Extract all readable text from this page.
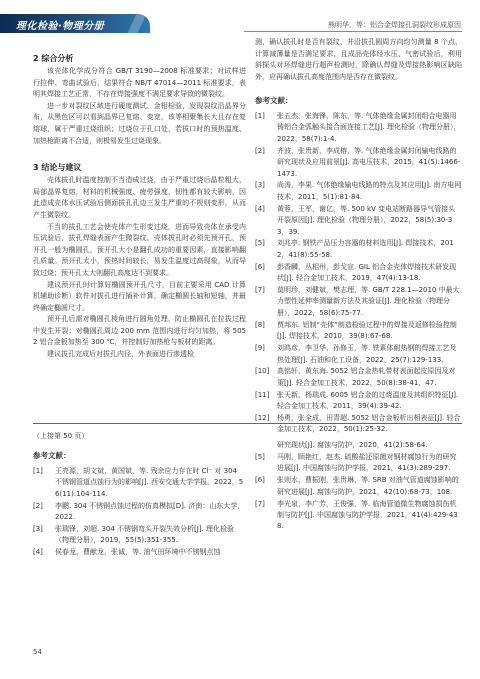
理化检验·物理分册	熊明华，等：铝合金焊接孔洞裂纹形成原因
2 综合分析

该壳体化学成分符合 GB/T 3190—2008 标准要求；对试样进行拉伸、弯曲试验后，结果符合 NB/T 47014—2011 标准要求，表明其焊接工艺正常，不存在焊接强度不满足要求导致的微裂纹。

进一步对裂纹区域进行硬度测试、金相检验，发现裂纹沿晶界分布，从黑色区可以看到晶界已复熔、变宽，该等相聚集长大且存在复熔球，属于严重过烧组织；过烧位于孔口处，若拔口时的预热温度、加热枪距离不合适，则极易发生过烧现象。

3 结论与建议

壳体拔孔时温度控制不当造成过烧，由于严重过烧后晶粒粗大，局部晶界复熔，材料的机械强度、疲劳强度、韧性都有较大影响，因此造成壳体水压试验后侧面拔孔孔边三发生严重的不规则变形，从而产生微裂纹。

不当的拔孔工艺会使壳体产生形变过烧，进而导致壳体在承受内压试验后，拔孔焊缝表面产生微裂纹。壳体拔孔时必须先预开孔，预开孔一般为椭圆孔，预开孔大小是翻孔成功的重要因素，直接影响翻孔质量。预开孔太小，预热时间较长，易发生温度过高现象，从而导致过烧；预开孔太大则翻孔高度达不到要求。

建议预开孔时计算好椭圆预开孔尺寸，目前主要采用 CAD 计算机辅助诊断）软件对拔孔进行插补计算，确定椭圆长轴和短轴，并最终确定椭圆尺寸。

预开孔后需对椭圆孔棱角进行圆角处理，防止椭圆孔在拉拔过程中发生开裂；对椭圆孔周边 200 mm 范围内进行均匀加热，将 5052 铝合金板加热至 300 ℃，并控制好加热枪与板材的距离。

建议拔孔完成后对拔孔内径、外表面进行渗透检

测，确认拔孔时是否有裂纹，并沿拔孔圆周方向均匀测量 8 个点，计算减薄量是否满足要求，且成品壳体经水压、气密试验后，利用斜探头对环焊缝进行超声检测时，除确认焊缝及焊接热影响区缺陷外，应再确认拔孔高度范围内是否存在微裂纹。

参考文献：
[1] 张五杰，张海锋，陈东，等. 气体绝缘金属封闭组合电器用铸铝合金弧触头接合面连接工艺[J]. 理化检验（物理分册），2022，58(7):1-4.
[2] 齐波，张贵新，李成榕，等. 气体绝缘金属封闭输电线路的研究现状及应用前景[J]. 高电压技术，2015，41(5):1466-1473.
[3] 尚涛，李果. 气体绝缘输电线路的特点及其应用[J]. 南方电网技术，2011，5(1):81-84.
[4] 黄蓉，王军，谢亿，等. 500 kV 变电站断路器导气管接头开裂原因[J]. 理化检验（物理分册），2022，58(5):30-33，39.
[5] 刘兆亭. 钢铁产品压力容器的材料选用[J]. 焊接技术，2012，41(8):55-58.
[6] 彭香麟，丛相州，彭戈宣. GIL 铝合金壳体焊接技术研发现状[J]. 轻合金加工技术，2019，47(4):13-18.
[7] 莫明珍，刘健斌，樊志理，等. GB/T 228.1—2010 中最大力塑性延伸率测量新方法及其验证[J]. 理化检验（物理分册），2022，58(6):75-77.
[8] 贾邦东. 铝制“壳体”制造检验过程中的焊接及返修检验控制[J]. 焊接技术，2010，39(8):67-68.
[9] 刘鸿彦，李卫华，孙修玉，等. 铁素体耐热钢的焊接工艺及热处理[J]. 石油和化工设备，2022，25(7):129-133.
[10] 高铭轩，黄东海. 5052 铝合金热轧带材表面起皮原因及对策[J]. 轻合金加工技术，2022，50(8):38-41，47.
[11] 张天新，杨瑞成. 6005 铝合金的过烧温度及其组织特征[J]. 轻合金加工技术，2011，39(4):39-42.
[12] 杨勇，张全成，田青超. 5052 铝合金板析出相表征[J]. 轻合金加工技术，2022，50(1):25-32.
（上接第 50 页）
参考文献：
[1] 王亮源，胡文斌，黄国斌，等. 残余应力存在时 Cl⁻ 对 304 不锈钢管道点蚀行为的影响[J]. 西安交通大学学报，2022，56(11):104-114.
[2] 李鹏. 304 不锈钢点蚀过程的仿真模拟[D]. 济南：山东大学，2022.
[3] 张瑞锋，刘超. 304 不锈钢弯头开裂失效分析[J]. 理化检验（物理分册），2019，55(5):351-355.
[4] 侯春龙，曹献龙，张诚，等. 油气田环境中不锈钢点蚀
研究现状[J]. 腐蚀与防护，2020，41(2):58-64.
[5] 马刚，顾艳红，赵杰. 硫酸盐还原菌对钢材腐蚀行为的研究进展[J]. 中国腐蚀与防护学报，2021，41(3):289-297.
[6] 张则水，曹振刚，张贵琳，等. SRB 对油气管道腐蚀影响的研究进展[J]. 腐蚀与防护，2021，42(10):68-73，108.
[7] 李光泉，李广芳，王俊强，等. 临海管道微生物腐蚀损伤机制与防护[J]. 中国腐蚀与防护学报，2021，41(4):429-438.
54
